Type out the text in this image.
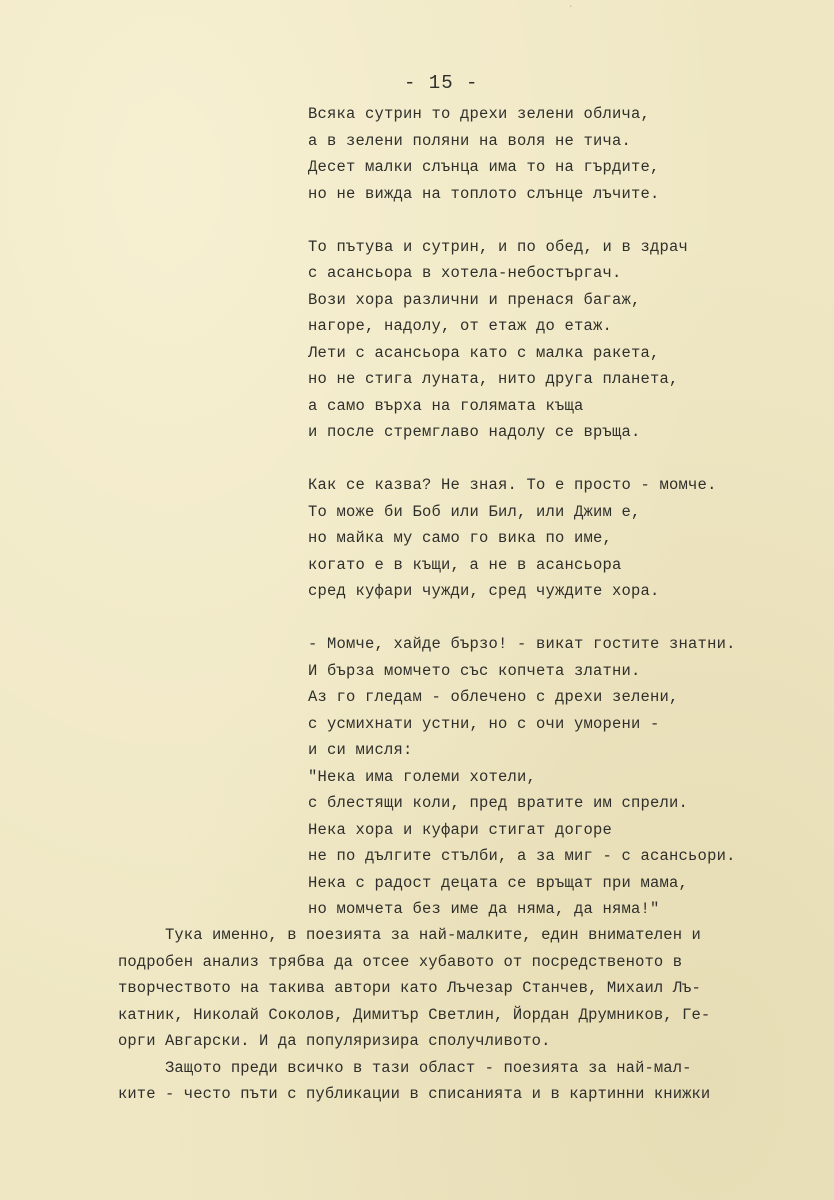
·
- 15 -
Всяка сутрин то дрехи зелени облича,
а в зелени поляни на воля не тича.
Десет малки слънца има то на гърдите,
но не вижда на топлото слънце лъчите.
То пътува и сутрин, и по обед, и в здрач
с асансьора в хотела-небостъргач.
Вози хора различни и пренася багаж,
нагоре, надолу, от етаж до етаж.
Лети с асансьора като с малка ракета,
но не стига луната, нито друга планета,
а само върха на голямата къща
и после стремглаво надолу се връща.
Как се казва? Не зная. То е просто - момче.
То може би Боб или Бил, или Джим е,
но майка му само го вика по име,
когато е в къщи, а не в асансьора
сред куфари чужди, сред чуждите хора.
- Момче, хайде бързо! - викат гостите знатни.
И бърза момчето със копчета златни.
Аз го гледам - облечено с дрехи зелени,
с усмихнати устни, но с очи уморени -
и си мисля:
"Нека има големи хотели,
с блестящи коли, пред вратите им спрели.
Нека хора и куфари стигат догоре
не по дългите стълби, а за миг - с асансьори.
Нека с радост децата се връщат при мама,
но момчета без име да няма, да няма!"
Тука именно, в поезията за най-малките, един внимателен и
подробен анализ трябва да отсее хубавото от посредственото в
творчеството на такива автори като Лъчезар Станчев, Михаил Лъ-
катник, Николай Соколов, Димитър Светлин, Йордан Друмников, Ге-
орги Авгарски. И да популяризира сполучливото.
Защото преди всичко в тази област - поезията за най-мал-
ките - често пъти с публикации в списанията и в картинни книжки
